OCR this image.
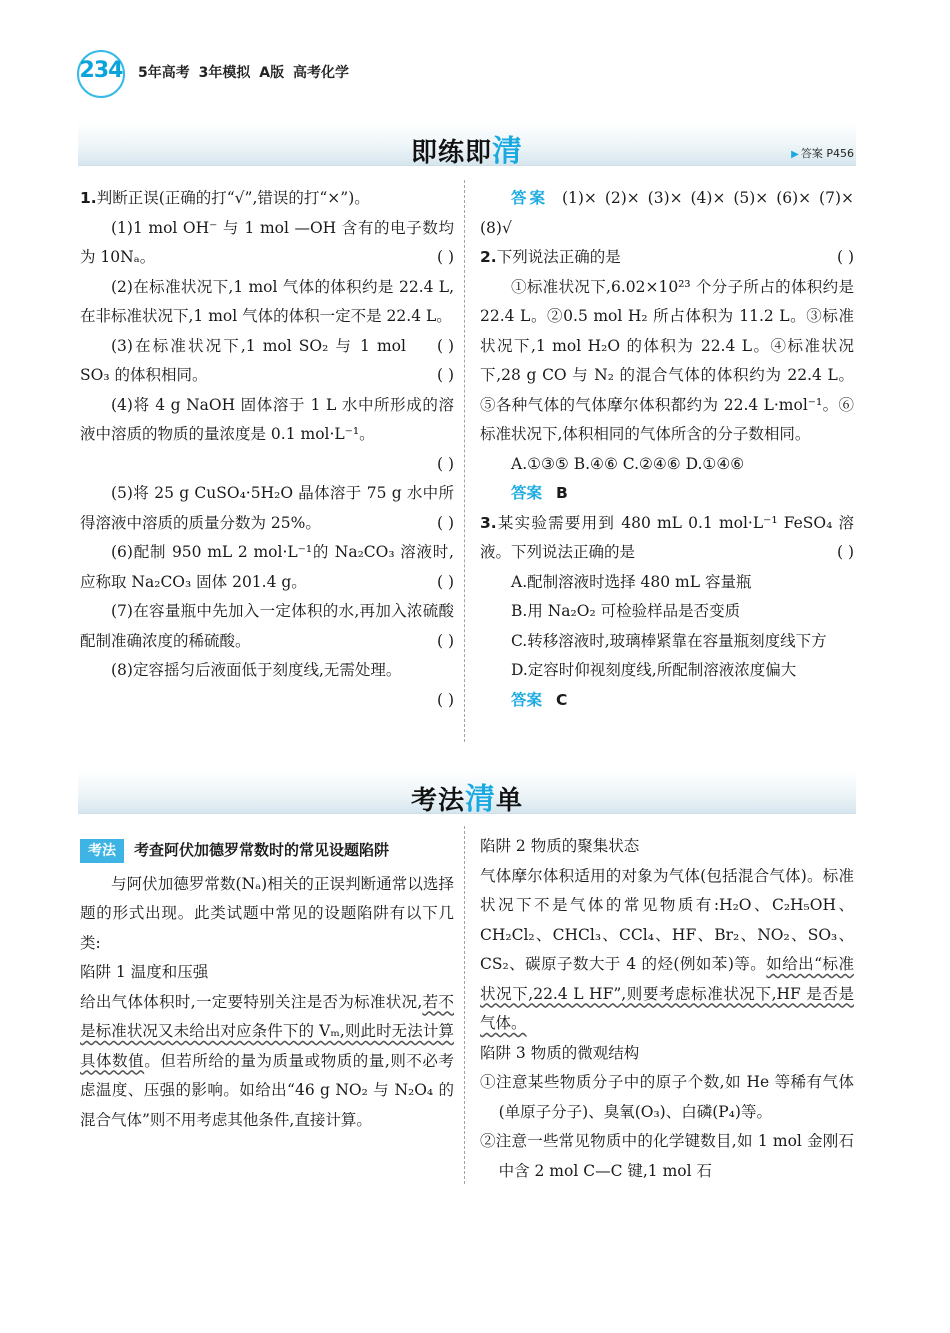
234 5年高考 3年模拟 A版 高考化学
即练即清	▶ 答案 P456

1.判断正误(正确的打“√”,错误的打“×”)。

(1)1 mol OH⁻ 与 1 mol —OH 含有的电子数均为 10Nₐ。	( )

(2)在标准状况下,1 mol 气体的体积约是 22.4 L,在非标准状况下,1 mol 气体的体积一定不是 22.4 L。
( )

(3)在标准状况下,1 mol SO₂ 与 1 mol SO₃ 的体积相同。	( )

(4)将 4 g NaOH 固体溶于 1 L 水中所形成的溶液中溶质的物质的量浓度是 0.1 mol·L⁻¹。

( )

(5)将 25 g CuSO₄·5H₂O 晶体溶于 75 g 水中所得溶液中溶质的质量分数为 25%。	( )

(6)配制 950 mL 2 mol·L⁻¹的 Na₂CO₃ 溶液时,应称取 Na₂CO₃ 固体 201.4 g。	( )

(7)在容量瓶中先加入一定体积的水,再加入浓硫酸配制准确浓度的稀硫酸。	( )

(8)定容摇匀后液面低于刻度线,无需处理。

( )

答案 (1)× (2)× (3)× (4)× (5)× (6)× (7)× (8)√

2.下列说法正确的是	( )

①标准状况下,6.02×10²³ 个分子所占的体积约是 22.4 L。②0.5 mol H₂ 所占体积为 11.2 L。③标准状况下,1 mol H₂O 的体积为 22.4 L。④标准状况下,28 g CO 与 N₂ 的混合气体的体积约为 22.4 L。⑤各种气体的气体摩尔体积都约为 22.4 L·mol⁻¹。⑥标准状况下,体积相同的气体所含的分子数相同。

A.①③⑤ B.④⑥ C.②④⑥ D.①④⑥

答案 B

3.某实验需要用到 480 mL 0.1 mol·L⁻¹ FeSO₄ 溶液。下列说法正确的是	( )

A.配制溶液时选择 480 mL 容量瓶

B.用 Na₂O₂ 可检验样品是否变质

C.转移溶液时,玻璃棒紧靠在容量瓶刻度线下方

D.定容时仰视刻度线,所配制溶液浓度偏大

答案 C

考法清单

考法 考查阿伏加德罗常数时的常见设题陷阱

与阿伏加德罗常数(Nₐ)相关的正误判断通常以选择题的形式出现。此类试题中常见的设题陷阱有以下几类:

陷阱 1 温度和压强

给出气体体积时,一定要特别关注是否为标准状况,若不是标准状况又未给出对应条件下的 Vₘ,则此时无法计算具体数值。但若所给的量为质量或物质的量,则不必考虑温度、压强的影响。如给出“46 g NO₂ 与 N₂O₄ 的混合气体”则不用考虑其他条件,直接计算。

陷阱 2 物质的聚集状态

气体摩尔体积适用的对象为气体(包括混合气体)。标准状况下不是气体的常见物质有:H₂O、C₂H₅OH、CH₂Cl₂、CHCl₃、CCl₄、HF、Br₂、NO₂、SO₃、CS₂、碳原子数大于 4 的烃(例如苯)等。如给出“标准状况下,22.4 L HF”,则要考虑标准状况下,HF 是否是气体。

陷阱 3 物质的微观结构

①注意某些物质分子中的原子个数,如 He 等稀有气体(单原子分子)、臭氧(O₃)、白磷(P₄)等。

②注意一些常见物质中的化学键数目,如 1 mol 金刚石中含 2 mol C—C 键,1 mol 石
